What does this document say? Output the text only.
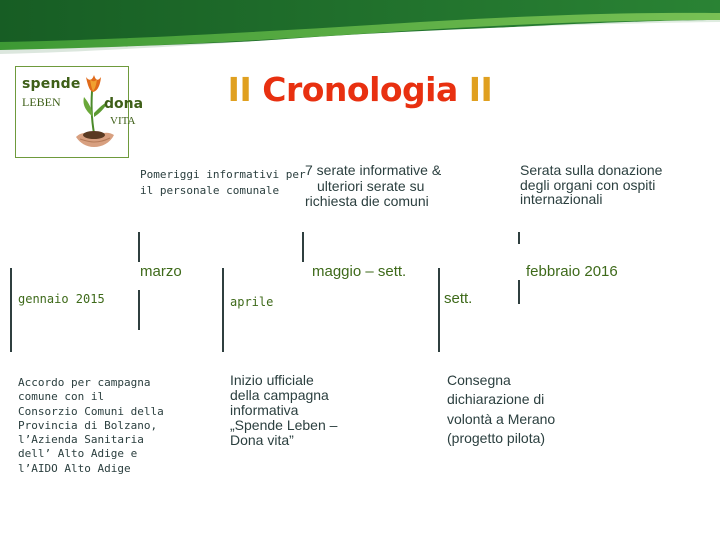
spende
LEBEN	dona
VITA
II Cronologia II
Pomeriggi informativi per
il personale comunale
7 serate informative &
ulteriori serate su
richiesta die comuni
Serata sulla donazione
degli organi con ospiti
internazionali
marzo	maggio – sett.	febbraio 2016
gennaio 2015	aprile	sett.
Accordo per campagna
comune con il
Consorzio Comuni della
Provincia di Bolzano,
l’Azienda Sanitaria
dell’ Alto Adige e
l’AIDO Alto Adige
Inizio ufficiale
della campagna
informativa
„Spende Leben –
Dona vita”
Consegna
dichiarazione di
volontà a Merano
(progetto pilota)
